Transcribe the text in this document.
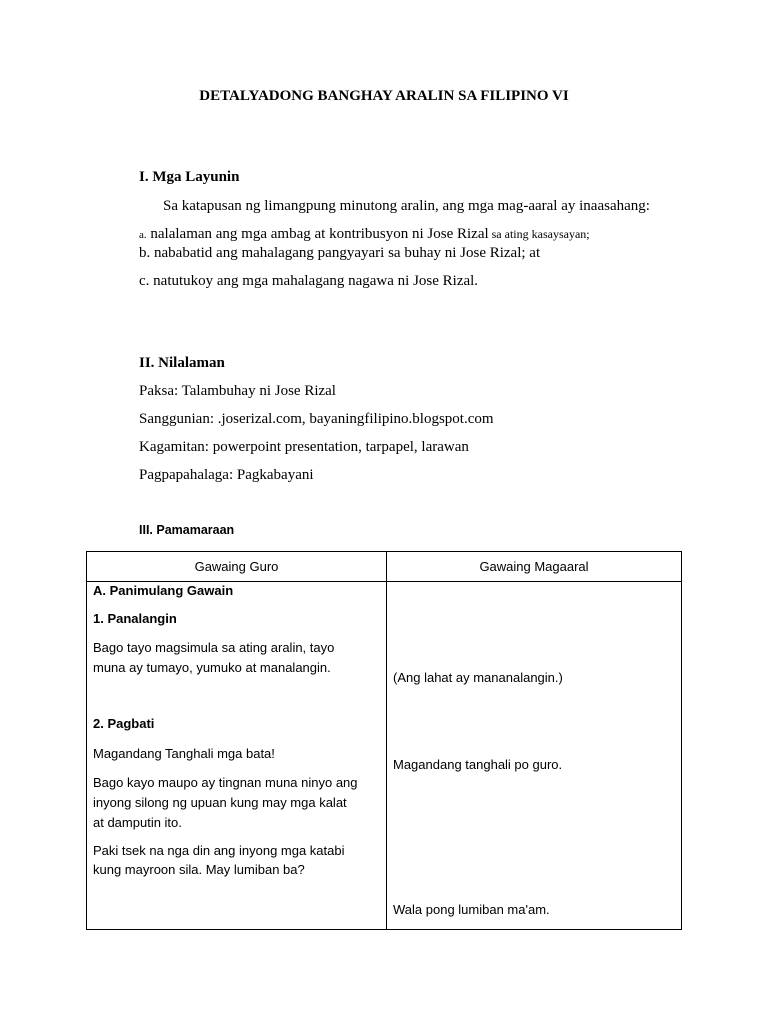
DETALYADONG BANGHAY ARALIN SA FILIPINO VI
I. Mga Layunin
Sa katapusan ng limangpung minutong aralin, ang mga mag-aaral ay inaasahang:
a. nalalaman ang mga ambag at kontribusyon ni Jose Rizal sa ating kasaysayan;
b. nababatid ang mahalagang pangyayari sa buhay ni Jose Rizal; at
c. natutukoy ang mga mahalagang nagawa ni Jose Rizal.
II. Nilalaman
Paksa: Talambuhay ni Jose Rizal
Sanggunian: .joserizal.com, bayaningfilipino.blogspot.com
Kagamitan: powerpoint presentation, tarpapel, larawan
Pagpapahalaga: Pagkabayani
III. Pamamaraan
Gawaing Guro	Gawaing Magaaral
A. Panimulang Gawain
1. Panalangin
Bago tayo magsimula sa ating aralin, tayo
muna ay tumayo, yumuko at manalangin.
2. Pagbati
Magandang Tanghali mga bata!
Bago kayo maupo ay tingnan muna ninyo ang
inyong silong ng upuan kung may mga kalat
at damputin ito.
Paki tsek na nga din ang inyong mga katabi
kung mayroon sila. May lumiban ba?
(Ang lahat ay mananalangin.)
Magandang tanghali po guro.
Wala pong lumiban ma'am.
